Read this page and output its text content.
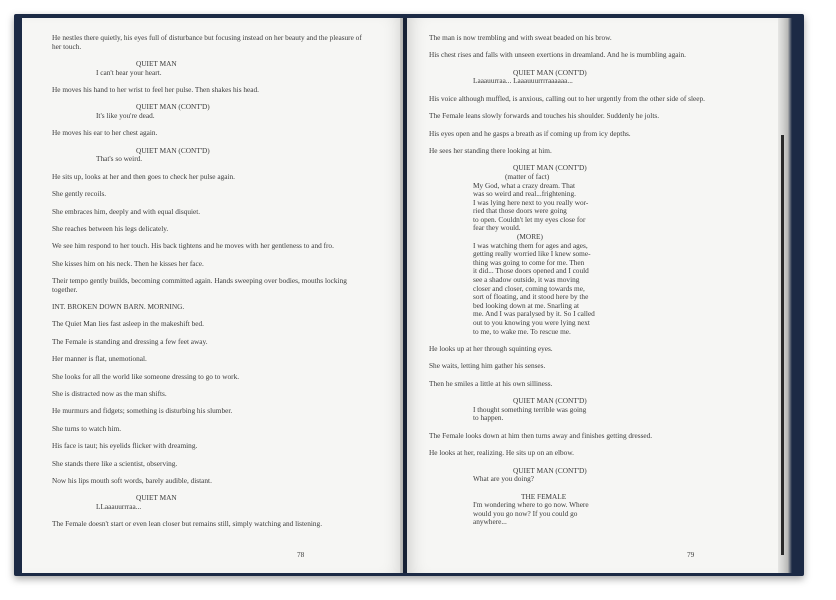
He nestles there quietly, his eyes full of disturbance but focusing instead on her beauty and the pleasure of her touch.
QUIET MAN
I can't hear your heart.
He moves his hand to her wrist to feel her pulse. Then shakes his head.
QUIET MAN (CONT'D)
It's like you're dead.
He moves his ear to her chest again.
QUIET MAN (CONT'D)
That's so weird.
He sits up, looks at her and then goes to check her pulse again.
She gently recoils.
She embraces him, deeply and with equal disquiet.
She reaches between his legs delicately.
We see him respond to her touch. His back tightens and he moves with her gentleness to and fro.
She kisses him on his neck. Then he kisses her face.
Their tempo gently builds, becoming committed again. Hands sweeping over bodies, mouths locking together.
INT. BROKEN DOWN BARN. MORNING.
The Quiet Man lies fast asleep in the makeshift bed.
The Female is standing and dressing a few feet away.
Her manner is flat, unemotional.
She looks for all the world like someone dressing to go to work.
She is distracted now as the man shifts.
He murmurs and fidgets; something is disturbing his slumber.
She turns to watch him.
His face is taut; his eyelids flicker with dreaming.
She stands there like a scientist, observing.
Now his lips mouth soft words, barely audible, distant.
QUIET MAN
LLaaauurrraa...
The Female doesn't start or even lean closer but remains still, simply watching and listening.
78
The man is now trembling and with sweat beaded on his brow.
His chest rises and falls with unseen exertions in dreamland. And he is mumbling again.
QUIET MAN (CONT'D)
Laaauurraa... Laaauuurrrraaaaaa...
His voice although muffled, is anxious, calling out to her urgently from the other side of sleep.
The Female leans slowly forwards and touches his shoulder. Suddenly he jolts.
His eyes open and he gasps a breath as if coming up from icy depths.
He sees her standing there looking at him.
QUIET MAN (CONT'D)
(matter of fact)
My God, what a crazy dream. That
was so weird and real...frightening.
I was lying here next to you really wor-
ried that those doors were going
to open. Couldn't let my eyes close for
fear they would.
(MORE)
I was watching them for ages and ages,
getting really worried like I knew some-
thing was going to come for me. Then
it did... Those doors opened and I could
see a shadow outside, it was moving
closer and closer, coming towards me,
sort of floating, and it stood here by the
bed looking down at me. Snarling at
me. And I was paralysed by it. So I called
out to you knowing you were lying next
to me, to wake me. To rescue me.
He looks up at her through squinting eyes.
She waits, letting him gather his senses.
Then he smiles a little at his own silliness.
QUIET MAN (CONT'D)
I thought something terrible was going
to happen.
The Female looks down at him then turns away and finishes getting dressed.
He looks at her, realizing. He sits up on an elbow.
QUIET MAN (CONT'D)
What are you doing?
THE FEMALE
I'm wondering where to go now. Where
would you go now? If you could go
anywhere...
79
